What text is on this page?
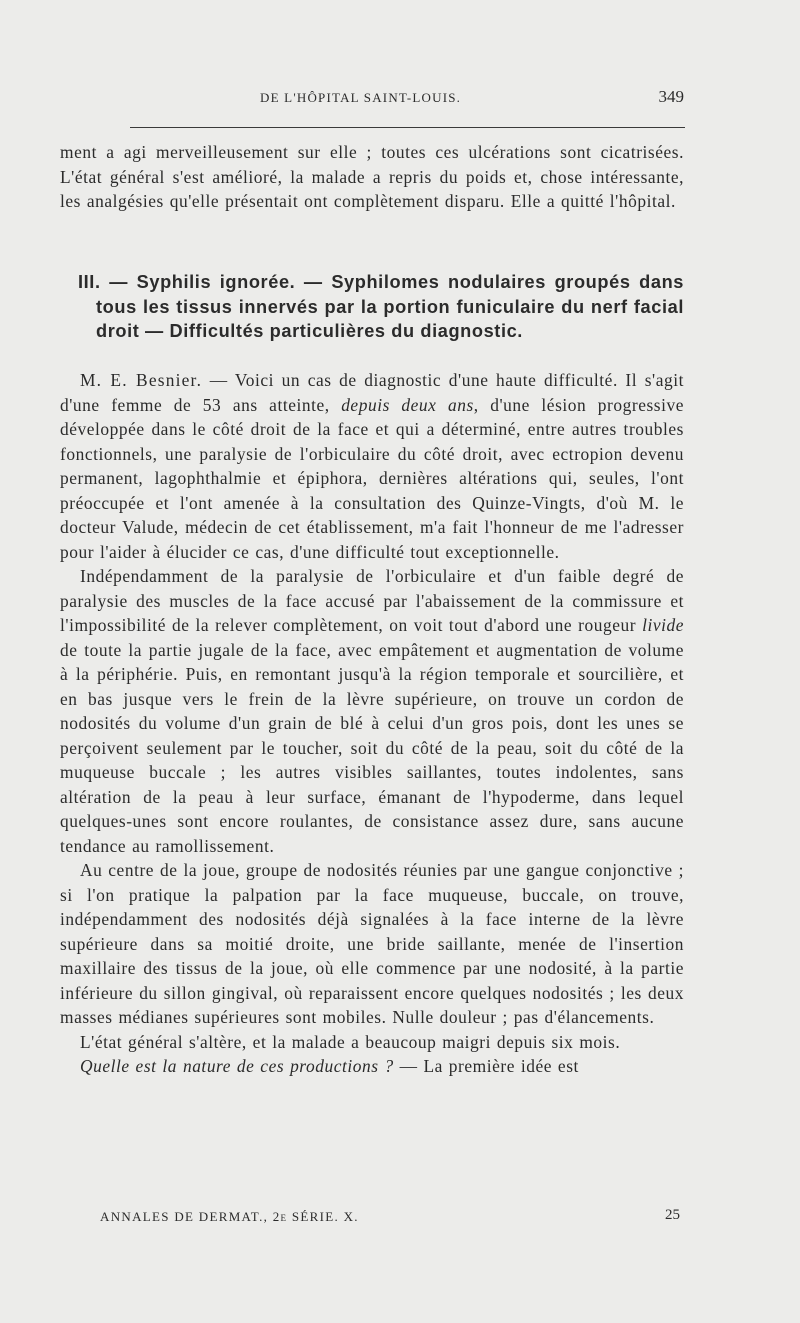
DE L'HÔPITAL SAINT-LOUIS.	349

ment a agi merveilleusement sur elle ; toutes ces ulcérations sont cicatrisées. L'état général s'est amélioré, la malade a repris du poids et, chose intéressante, les analgésies qu'elle présentait ont complètement disparu. Elle a quitté l'hôpital.

III. — Syphilis ignorée. — Syphilomes nodulaires groupés dans tous les tissus innervés par la portion funiculaire du nerf facial droit — Difficultés particulières du diagnostic.

M. E. Besnier. — Voici un cas de diagnostic d'une haute difficulté. Il s'agit d'une femme de 53 ans atteinte, depuis deux ans, d'une lésion progressive développée dans le côté droit de la face et qui a déterminé, entre autres troubles fonctionnels, une paralysie de l'orbiculaire du côté droit, avec ectropion devenu permanent, lagophthalmie et épiphora, dernières altérations qui, seules, l'ont préoccupée et l'ont amenée à la consultation des Quinze-Vingts, d'où M. le docteur Valude, médecin de cet établissement, m'a fait l'honneur de me l'adresser pour l'aider à élucider ce cas, d'une difficulté tout exceptionnelle.

Indépendamment de la paralysie de l'orbiculaire et d'un faible degré de paralysie des muscles de la face accusé par l'abaissement de la commissure et l'impossibilité de la relever complètement, on voit tout d'abord une rougeur livide de toute la partie jugale de la face, avec empâtement et augmentation de volume à la périphérie. Puis, en remontant jusqu'à la région temporale et sourcilière, et en bas jusque vers le frein de la lèvre supérieure, on trouve un cordon de nodosités du volume d'un grain de blé à celui d'un gros pois, dont les unes se perçoivent seulement par le toucher, soit du côté de la peau, soit du côté de la muqueuse buccale ; les autres visibles saillantes, toutes indolentes, sans altération de la peau à leur surface, émanant de l'hypoderme, dans lequel quelques-unes sont encore roulantes, de consistance assez dure, sans aucune tendance au ramollissement.

Au centre de la joue, groupe de nodosités réunies par une gangue conjonctive ; si l'on pratique la palpation par la face muqueuse, buccale, on trouve, indépendamment des nodosités déjà signalées à la face interne de la lèvre supérieure dans sa moitié droite, une bride saillante, menée de l'insertion maxillaire des tissus de la joue, où elle commence par une nodosité, à la partie inférieure du sillon gingival, où reparaissent encore quelques nodosités ; les deux masses médianes supérieures sont mobiles. Nulle douleur ; pas d'élancements.

L'état général s'altère, et la malade a beaucoup maigri depuis six mois.

Quelle est la nature de ces productions ? — La première idée est

ANNALES DE DERMAT., 2e SÉRIE. X.	25
